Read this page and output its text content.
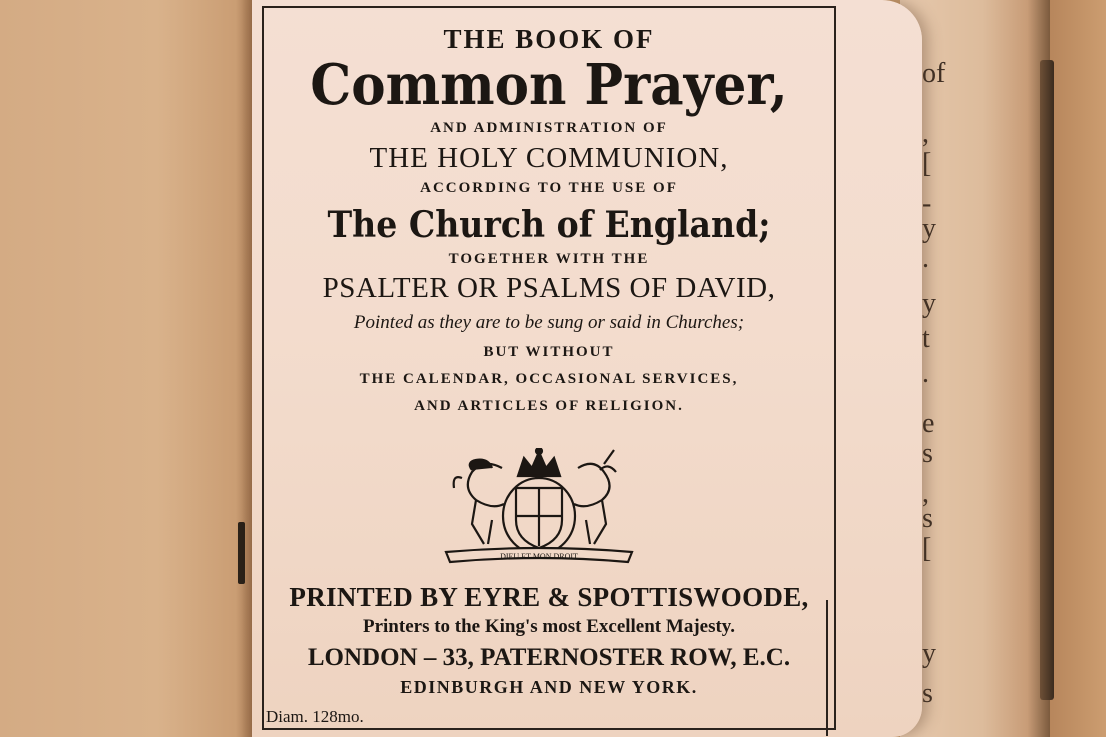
of
,
[
-
y
.
y
t
.
e
s
,
s
[
y
s
THE BOOK OF
Common Prayer,
AND ADMINISTRATION OF
THE HOLY COMMUNION,
ACCORDING TO THE USE OF
The Church of England;
TOGETHER WITH THE
PSALTER OR PSALMS OF DAVID,
Pointed as they are to be sung or said in Churches;
BUT WITHOUT
THE CALENDAR, OCCASIONAL SERVICES,
AND ARTICLES OF RELIGION.
DIEU ET MON DROIT
PRINTED BY EYRE & SPOTTISWOODE,
Printers to the King's most Excellent Majesty.
LONDON – 33, PATERNOSTER ROW, E.C.
EDINBURGH AND NEW YORK.
Diam. 128mo.
